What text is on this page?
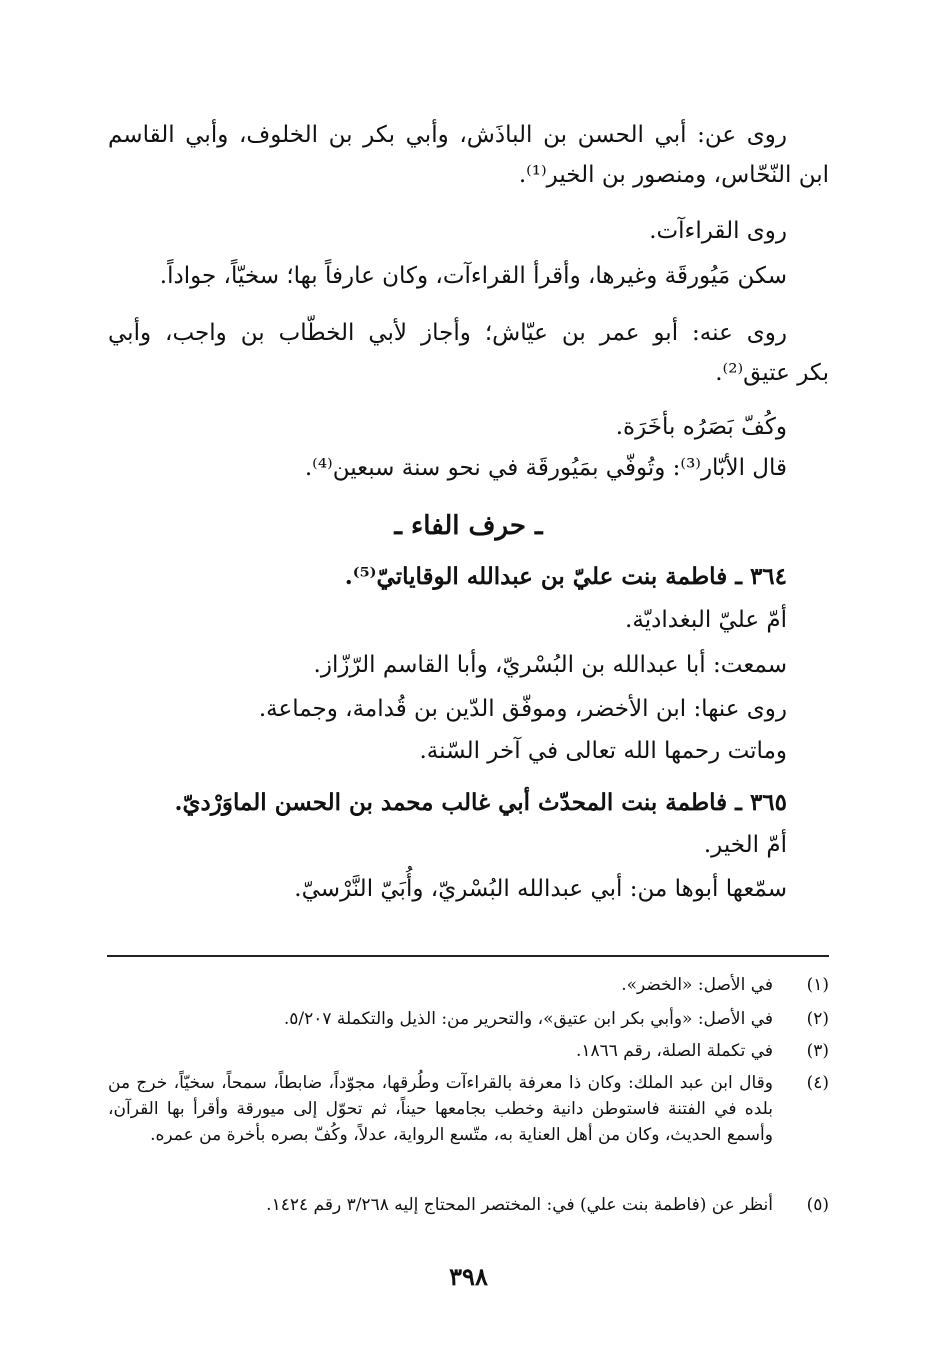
روى عن: أبي الحسن بن الباذَش، وأبي بكر بن الخلوف، وأبي القاسم
ابن النّحّاس، ومنصور بن الخير⁽¹⁾.
روى القراءآت.
سكن مَيُورقَة وغيرها، وأقرأ القراءآت، وكان عارفاً بها؛ سخيّاً، جواداً.
روى عنه: أبو عمر بن عيّاش؛ وأجاز لأبي الخطّاب بن واجب، وأبي
بكر عتيق⁽²⁾.
وكُفّ بَصَرُه بأخَرَة.
قال الأبّار⁽³⁾: وتُوفّي بمَيُورقَة في نحو سنة سبعين⁽⁴⁾.
ـ حرف الفاء ـ
٣٦٤ ـ فاطمة بنت عليّ بن عبدالله الوقاياتيّ⁽⁵⁾.
أمّ عليّ البغداديّة.
سمعت: أبا عبدالله بن البُسْريّ، وأبا القاسم الرّزّاز.
روى عنها: ابن الأخضر، وموفّق الدّين بن قُدامة، وجماعة.
وماتت رحمها الله تعالى في آخر السّنة.
٣٦٥ ـ فاطمة بنت المحدّث أبي غالب محمد بن الحسن الماوَرْديّ.
أمّ الخير.
سمّعها أبوها من: أبي عبدالله البُسْريّ، وأُبَيّ النَّرْسيّ.
(١)
في الأصل: «الخضر».
(٢)
في الأصل: «وأبي بكر ابن عتيق»، والتحرير من: الذيل والتكملة ٥/٢٠٧.
(٣)
في تكملة الصلة، رقم ١٨٦٦.
(٤)
وقال ابن عبد الملك: وكان ذا معرفة بالقراءآت وطُرقها، مجوّداً، ضابطاً، سمحاً، سخيّاً، خرج من بلده في الفتنة فاستوطن دانية وخطب بجامعها حيناً، ثم تحوّل إلى ميورقة وأقرأ بها القرآن، وأسمع الحديث، وكان من أهل العناية به، متّسع الرواية، عدلاً، وكُفّ بصره بأخرة من عمره.
(٥)
أنظر عن (فاطمة بنت علي) في: المختصر المحتاج إليه ٣/٢٦٨ رقم ١٤٢٤.
٣٩٨
